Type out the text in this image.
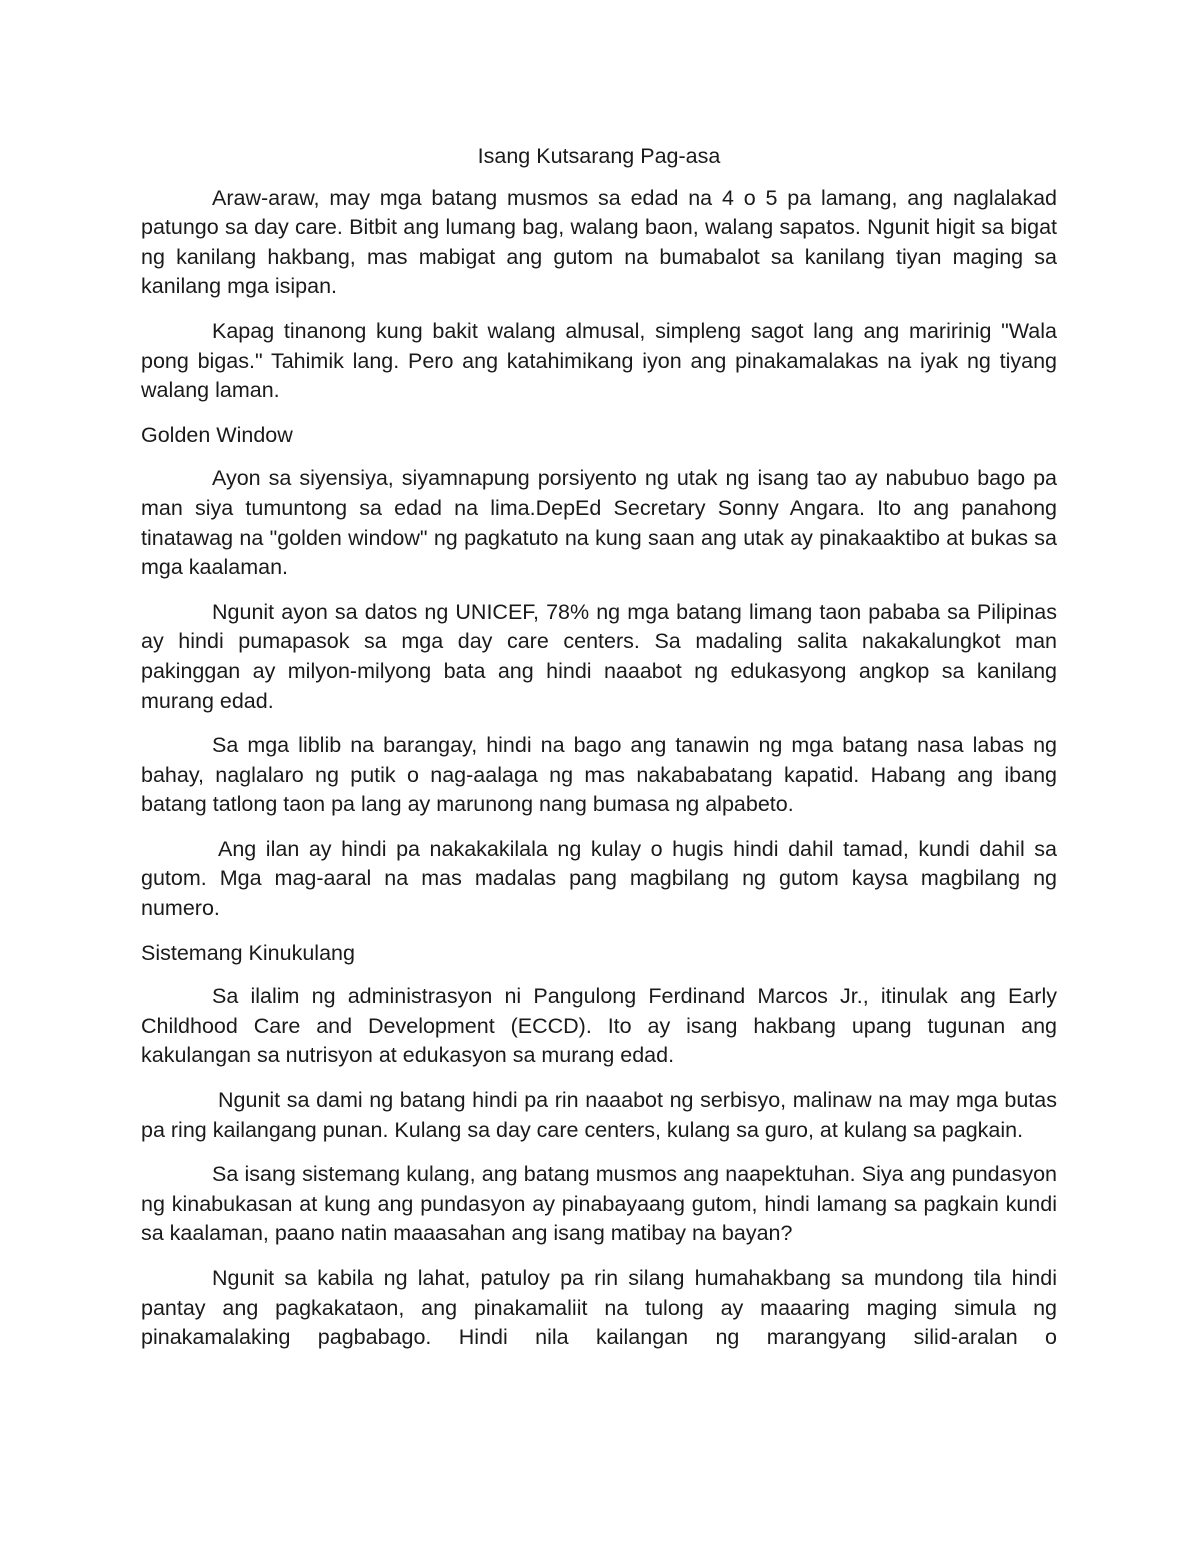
Isang Kutsarang Pag-asa

Araw-araw, may mga batang musmos sa edad na 4 o 5 pa lamang, ang naglalakad patungo sa day care. Bitbit ang lumang bag, walang baon, walang sapatos. Ngunit higit sa bigat ng kanilang hakbang, mas mabigat ang gutom na bumabalot sa kanilang tiyan maging sa kanilang mga isipan.

Kapag tinanong kung bakit walang almusal, simpleng sagot lang ang maririnig "Wala pong bigas." Tahimik lang. Pero ang katahimikang iyon ang pinakamalakas na iyak ng tiyang walang laman.

Golden Window

Ayon sa siyensiya, siyamnapung porsiyento ng utak ng isang tao ay nabubuo bago pa man siya tumuntong sa edad na lima.DepEd Secretary Sonny Angara. Ito ang panahong tinatawag na "golden window" ng pagkatuto na kung saan ang utak ay pinakaaktibo at bukas sa mga kaalaman.

Ngunit ayon sa datos ng UNICEF, 78% ng mga batang limang taon pababa sa Pilipinas ay hindi pumapasok sa mga day care centers. Sa madaling salita nakakalungkot man pakinggan ay milyon-milyong bata ang hindi naaabot ng edukasyong angkop sa kanilang murang edad.

Sa mga liblib na barangay, hindi na bago ang tanawin ng mga batang nasa labas ng bahay, naglalaro ng putik o nag-aalaga ng mas nakababatang kapatid. Habang ang ibang batang tatlong taon pa lang ay marunong nang bumasa ng alpabeto.

Ang ilan ay hindi pa nakakakilala ng kulay o hugis hindi dahil tamad, kundi dahil sa gutom. Mga mag-aaral na mas madalas pang magbilang ng gutom kaysa magbilang ng numero.

Sistemang Kinukulang

Sa ilalim ng administrasyon ni Pangulong Ferdinand Marcos Jr., itinulak ang Early Childhood Care and Development (ECCD). Ito ay isang hakbang upang tugunan ang kakulangan sa nutrisyon at edukasyon sa murang edad.

Ngunit sa dami ng batang hindi pa rin naaabot ng serbisyo, malinaw na may mga butas pa ring kailangang punan. Kulang sa day care centers, kulang sa guro, at kulang sa pagkain.

Sa isang sistemang kulang, ang batang musmos ang naapektuhan. Siya ang pundasyon ng kinabukasan at kung ang pundasyon ay pinabayaang gutom, hindi lamang sa pagkain kundi sa kaalaman, paano natin maaasahan ang isang matibay na bayan?

Ngunit sa kabila ng lahat, patuloy pa rin silang humahakbang sa mundong tila hindi pantay ang pagkakataon, ang pinakamaliit na tulong ay maaaring maging simula ng pinakamalaking pagbabago. Hindi nila kailangan ng marangyang silid-aralan o
